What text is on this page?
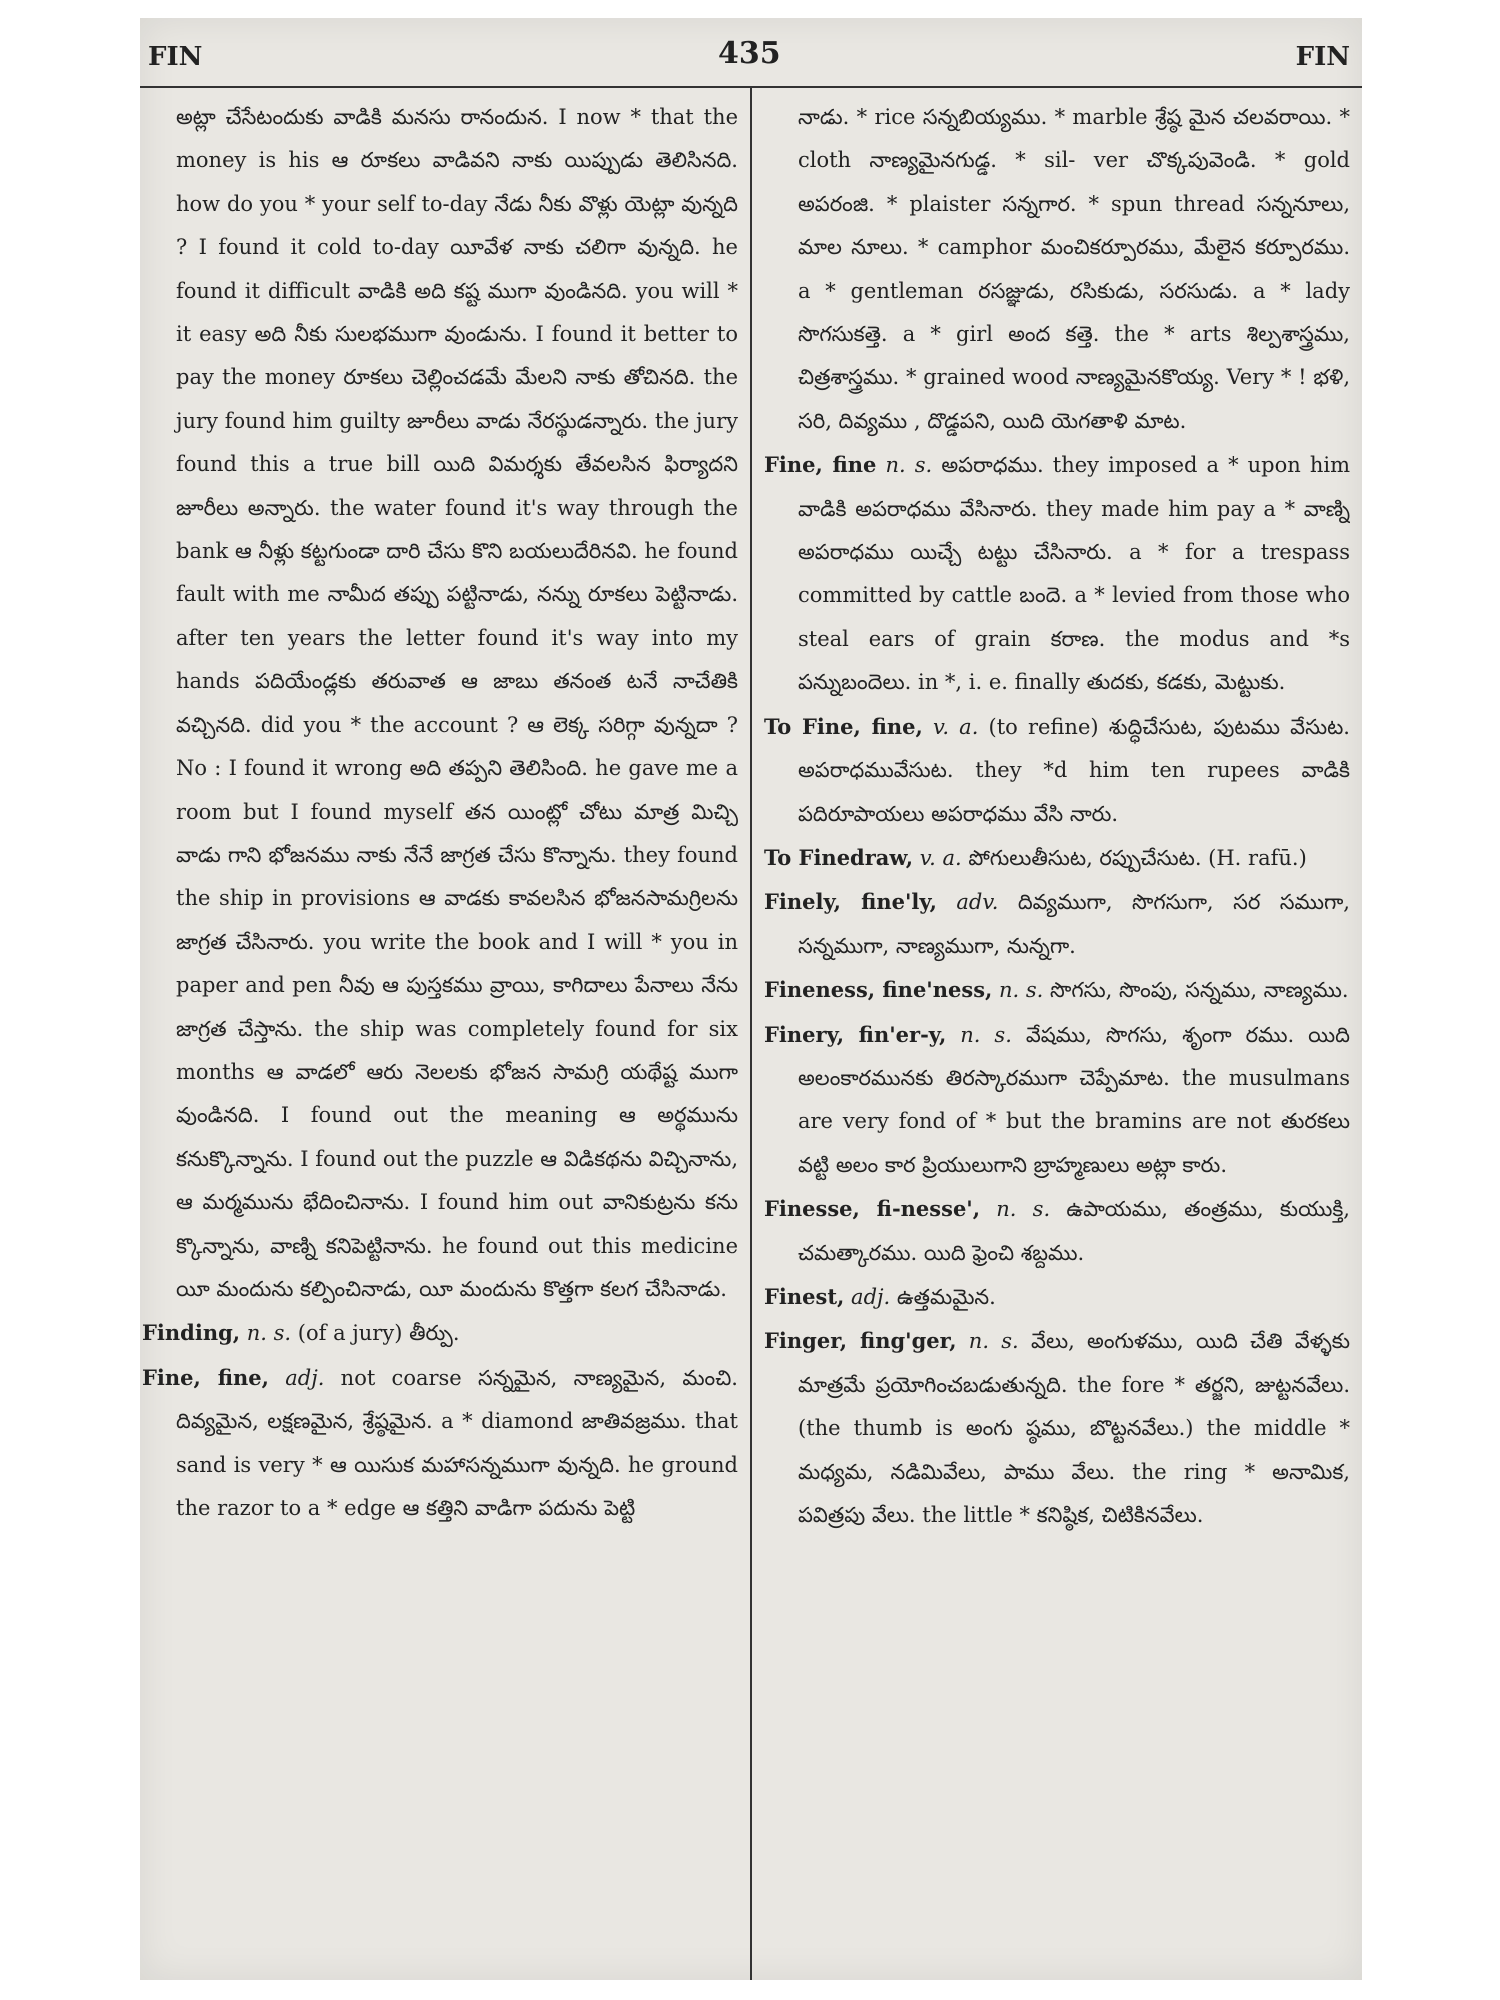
FIN	435	FIN

అట్లా చేసేటందుకు వాడికి మనసు రానందున. I now * that the money is his ఆ రూకలు వాడివని నాకు యిప్పుడు తెలిసినది. how do you * your self to-day నేడు నీకు వొళ్లు యెట్లా వున్నది ? I found it cold to-day యీవేళ నాకు చలిగా వున్నది. he found it difficult వాడికి అది కష్ట ముగా వుండినది. you will * it easy అది నీకు సులభముగా వుండును. I found it better to pay the money రూకలు చెల్లించడమే మేలని నాకు తోచినది. the jury found him guilty జూరీలు వాడు నేరస్థుడన్నారు. the jury found this a true bill యిది విమర్శకు తేవలసిన ఫిర్యాదని జూరీలు అన్నారు. the water found it's way through the bank ఆ నీళ్లు కట్టగుండా దారి చేసు కొని బయలుదేరినవి. he found fault with me నామీద తప్పు పట్టినాడు, నన్ను రూకలు పెట్టినాడు. after ten years the letter found it's way into my hands పదియేండ్లకు తరువాత ఆ జాబు తనంత టనే నాచేతికి వచ్చినది. did you * the account ? ఆ లెక్క సరిగ్గా వున్నదా ? No : I found it wrong అది తప్పని తెలిసింది. he gave me a room but I found myself తన యింట్లో చోటు మాత్ర మిచ్చి వాడు గాని భోజనము నాకు నేనే జాగ్రత చేసు కొన్నాను. they found the ship in provisions ఆ వాడకు కావలసిన భోజనసామగ్రిలను జాగ్రత చేసినారు. you write the book and I will * you in paper and pen నీవు ఆ పుస్తకము వ్రాయి, కాగిదాలు పేనాలు నేను జాగ్రత చేస్తాను. the ship was completely found for six months ఆ వాడలో ఆరు నెలలకు భోజన సామగ్రి యథేష్ట ముగా వుండినది. I found out the meaning ఆ అర్థమును కనుక్కొన్నాను. I found out the puzzle ఆ విడికథను విచ్చినాను, ఆ మర్మమును భేదించినాను. I found him out వానికుట్రను కను క్కొన్నాను, వాణ్ని కనిపెట్టినాను. he found out this medicine యీ మందును కల్పించినాడు, యీ మందును కొత్తగా కలగ చేసినాడు.

Finding, n. s. (of a jury) తీర్పు.

Fine, fine, adj. not coarse సన్నమైన, నాణ్యమైన, మంచి. దివ్యమైన, లక్షణమైన, శ్రేష్ఠమైన. a * diamond జాతివజ్రము. that sand is very * ఆ యిసుక మహాసన్నముగా వున్నది. he ground the razor to a * edge ఆ కత్తిని వాడిగా పదును పెట్టి

నాడు. * rice సన్నబియ్యము. * marble శ్రేష్ఠ మైన చలవరాయి. * cloth నాణ్యమైనగుడ్డ. * sil- ver చొక్కపువెండి. * gold అపరంజి. * plaister సన్నగార. * spun thread సన్ననూలు, మాల నూలు. * camphor మంచికర్పూరము, మేలైన కర్పూరము. a * gentleman రసజ్ఞుడు, రసికుడు, సరసుడు. a * lady సొగసుకత్తె. a * girl అంద కత్తె. the * arts శిల్పశాస్త్రము, చిత్రశాస్త్రము. * grained wood నాణ్యమైనకొయ్య. Very * ! భళి, సరి, దివ్యము , దొడ్డపని, యిది యెగతాళి మాట.

Fine, fine n. s. అపరాధము. they imposed a * upon him వాడికి అపరాధము వేసినారు. they made him pay a * వాణ్ని అపరాధము యిచ్చే టట్టు చేసినారు. a * for a trespass committed by cattle బందె. a * levied from those who steal ears of grain కరాణ. the modus and *s పన్నుబందెలు. in *, i. e. finally తుదకు, కడకు, మెట్టుకు.

To Fine, fine, v. a. (to refine) శుద్ధిచేసుట, పుటము వేసుట. అపరాధమువేసుట. they *d him ten rupees వాడికి పదిరూపాయలు అపరాధము వేసి నారు.

To Finedraw, v. a. పోగులుతీసుట, రప్పుచేసుట. (H. rafū.)

Finely, fine'ly, adv. దివ్యముగా, సొగసుగా, సర సముగా, సన్నముగా, నాణ్యముగా, నున్నగా.

Fineness, fine'ness, n. s. సొగసు, సొంపు, సన్నము, నాణ్యము.

Finery, fin'er-y, n. s. వేషము, సొగసు, శృంగా రము. యిది అలంకారమునకు తిరస్కారముగా చెప్పేమాట. the musulmans are very fond of * but the bramins are not తురకలు వట్టి అలం కార ప్రియులుగాని బ్రాహ్మణులు అట్లా కారు.

Finesse, fi-nesse', n. s. ఉపాయము, తంత్రము, కుయుక్తి, చమత్కారము. యిది ఫ్రెంచి శబ్దము.

Finest, adj. ఉత్తమమైన.

Finger, fing'ger, n. s. వేలు, అంగుళము, యిది చేతి వేళ్ళకు మాత్రమే ప్రయోగించబడుతున్నది. the fore * తర్జని, జుట్టనవేలు. (the thumb is అంగు ష్ఠము, బొట్టనవేలు.) the middle * మధ్యమ, నడిమివేలు, పాము వేలు. the ring * అనామిక, పవిత్రపు వేలు. the little * కనిష్ఠిక, చిటికినవేలు.
